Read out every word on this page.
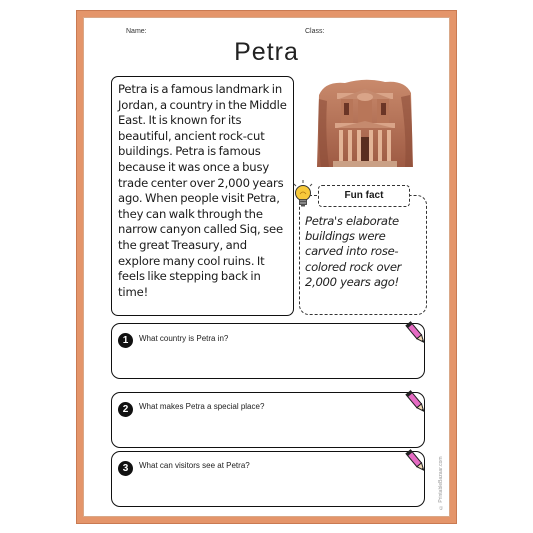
Name:	Class:
Petra
Petra is a famous landmark in Jordan, a country in the Middle East. It is known for its beautiful, ancient rock-cut buildings. Petra is famous because it was once a busy trade center over 2,000 years ago. When people visit Petra, they can walk through the narrow canyon called Siq, see the great Treasury, and explore many cool ruins. It feels like stepping back in time!
Fun fact
Petra's elaborate buildings were carved into rose-colored rock over 2,000 years ago!
1	What country is Petra in?
2	What makes Petra a special place?
3	What can visitors see at Petra?	© PrintableBazaar.com
